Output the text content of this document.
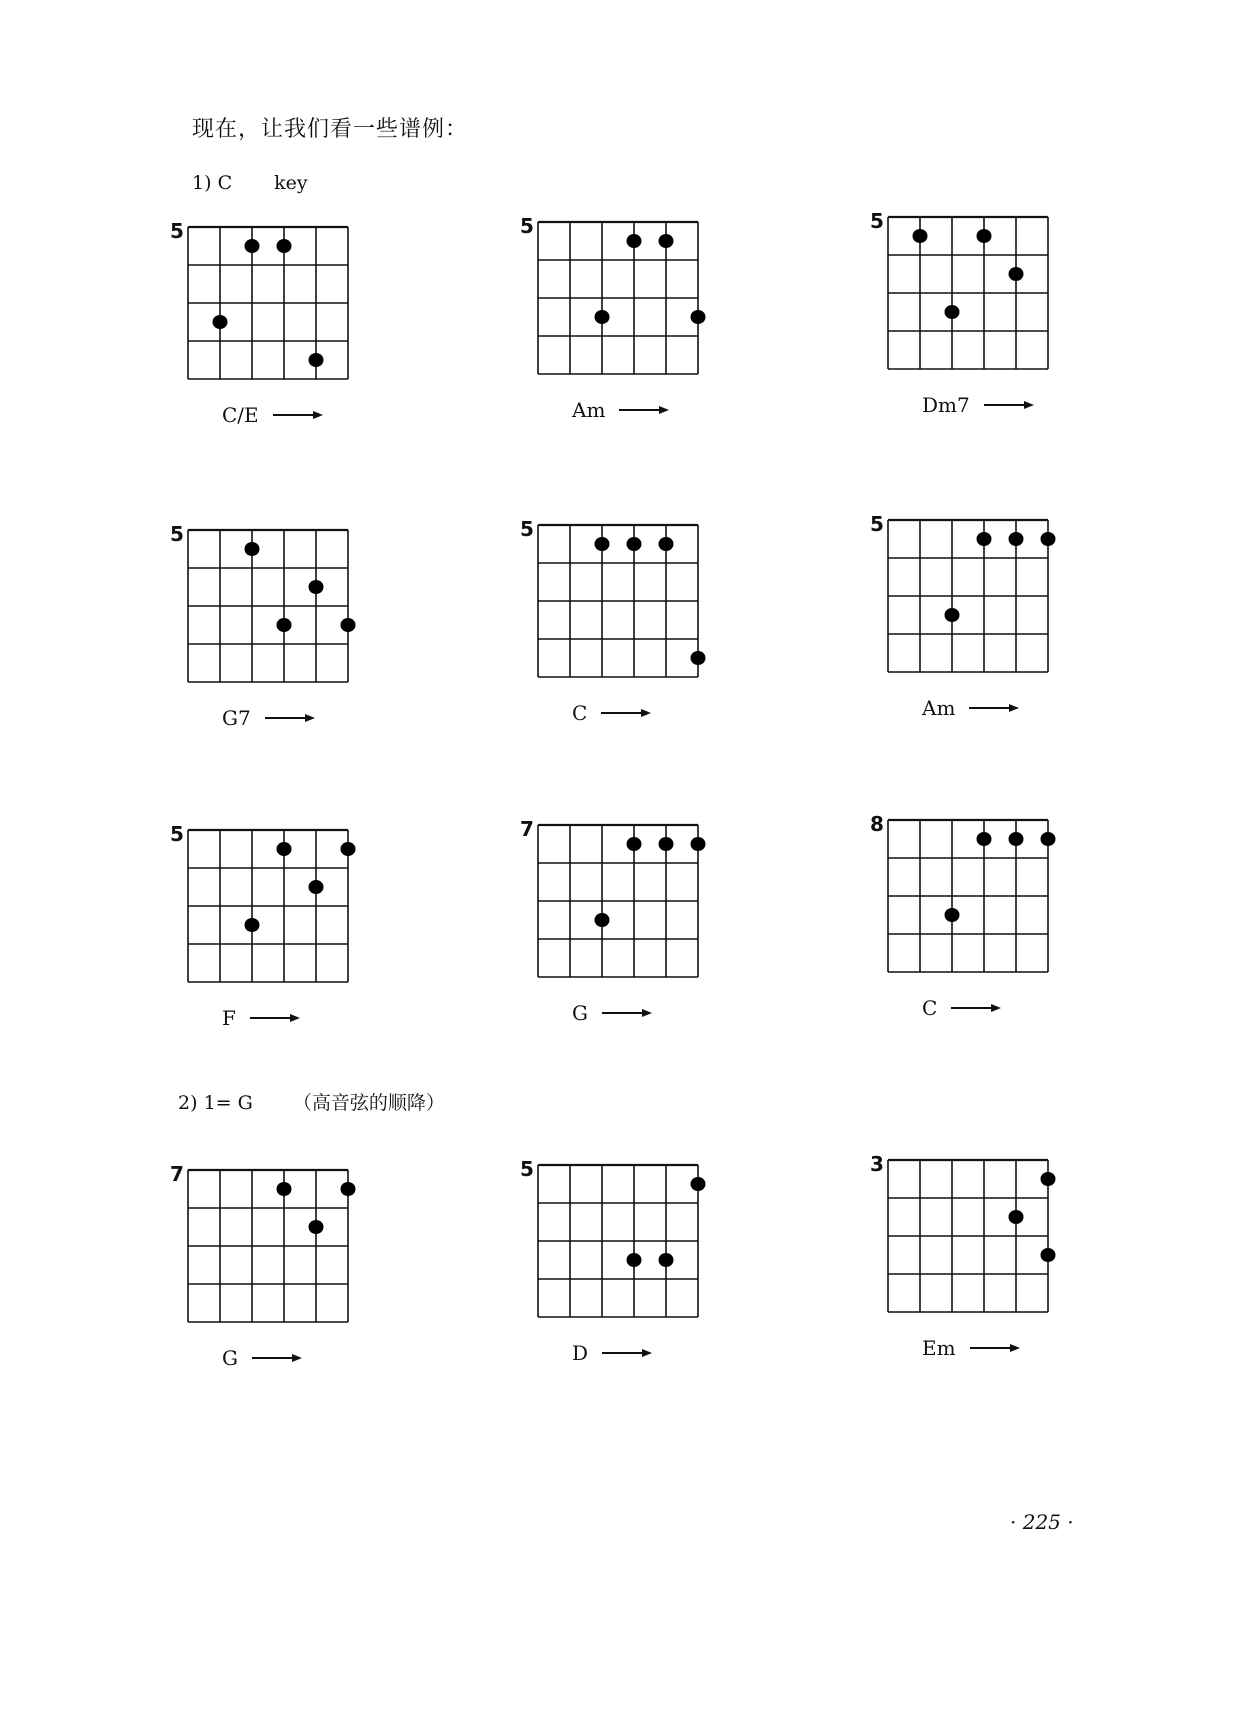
现在，让我们看一些谱例：
1) C key
2) 1= G （高音弦的顺降）
5
C/E
5
Am
5
Dm7
5
G7
5
C
5
Am
5
F
7
G
8
C
7
G
5
D
3
Em
· 225 ·
